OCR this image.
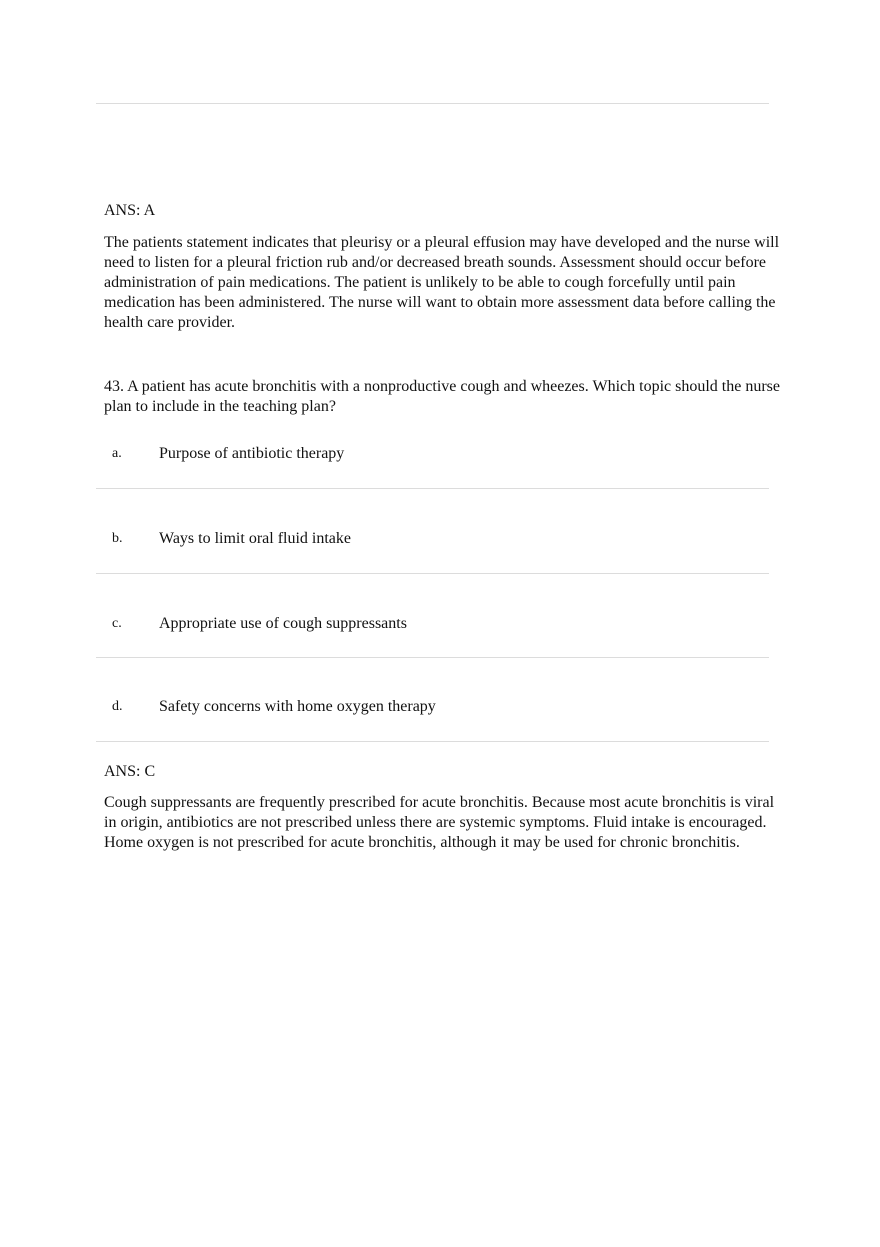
ANS: A
The patients statement indicates that pleurisy or a pleural effusion may have developed and the nurse will need to listen for a pleural friction rub and/or decreased breath sounds. Assessment should occur before administration of pain medications. The patient is unlikely to be able to cough forcefully until pain medication has been administered. The nurse will want to obtain more assessment data before calling the health care provider.
43. A patient has acute bronchitis with a nonproductive cough and wheezes. Which topic should the nurse plan to include in the teaching plan?
a. Purpose of antibiotic therapy
b. Ways to limit oral fluid intake
c. Appropriate use of cough suppressants
d. Safety concerns with home oxygen therapy
ANS: C
Cough suppressants are frequently prescribed for acute bronchitis. Because most acute bronchitis is viral in origin, antibiotics are not prescribed unless there are systemic symptoms. Fluid intake is encouraged. Home oxygen is not prescribed for acute bronchitis, although it may be used for chronic bronchitis.
